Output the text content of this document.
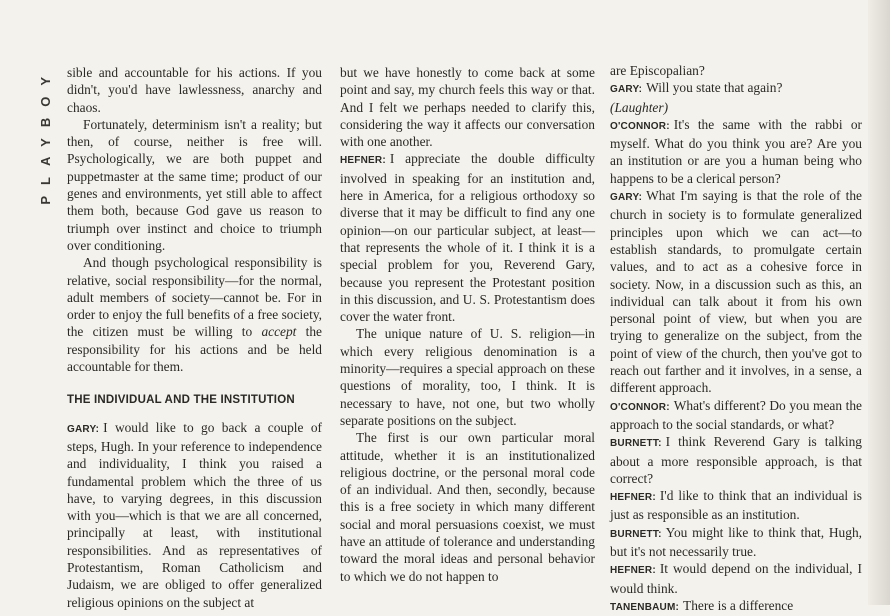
PLAYBOY sible and accountable for his actions. If you didn't, you'd have lawlessness, anarchy and chaos.

Fortunately, determinism isn't a reality; but then, of course, neither is free will. Psychologically, we are both puppet and puppetmaster at the same time; product of our genes and environments, yet still able to affect them both, because God gave us reason to triumph over instinct and choice to triumph over conditioning.

And though psychological responsibility is relative, social responsibility—for the normal, adult members of society—cannot be. For in order to enjoy the full benefits of a free society, the citizen must be willing to accept the responsibility for his actions and be held accountable for them.

THE INDIVIDUAL AND THE INSTITUTION

GARY: I would like to go back a couple of steps, Hugh. In your reference to independence and individuality, I think you raised a fundamental problem which the three of us have, to varying degrees, in this discussion with you—which is that we are all concerned, principally at least, with institutional responsibilities. And as representatives of Protestantism, Roman Catholicism and Judaism, we are obliged to offer generalized religious opinions on the subject at

but we have honestly to come back at some point and say, my church feels this way or that. And I felt we perhaps needed to clarify this, considering the way it affects our conversation with one another.

HEFNER: I appreciate the double difficulty involved in speaking for an institution and, here in America, for a religious orthodoxy so diverse that it may be difficult to find any one opinion—on our particular subject, at least—that represents the whole of it. I think it is a special problem for you, Reverend Gary, because you represent the Protestant position in this discussion, and U. S. Protestantism does cover the water front.

The unique nature of U. S. religion—in which every religious denomination is a minority—requires a special approach on these questions of morality, too, I think. It is necessary to have, not one, but two wholly separate positions on the subject.

The first is our own particular moral attitude, whether it is an institutionalized religious doctrine, or the personal moral code of an individual. And then, secondly, because this is a free society in which many different social and moral persuasions coexist, we must have an attitude of tolerance and understanding toward the moral ideas and personal behavior to which we do not happen to

are Episcopalian?

GARY: Will you state that again?

(Laughter)

O'CONNOR: It's the same with the rabbi or myself. What do you think you are? Are you an institution or are you a human being who happens to be a clerical person?

GARY: What I'm saying is that the role of the church in society is to formulate generalized principles upon which we can act—to establish standards, to promulgate certain values, and to act as a cohesive force in society. Now, in a discussion such as this, an individual can talk about it from his own personal point of view, but when you are trying to generalize on the subject, from the point of view of the church, then you've got to reach out farther and it involves, in a sense, a different approach.

O'CONNOR: What's different? Do you mean the approach to the social standards, or what?

BURNETT: I think Reverend Gary is talking about a more responsible approach, is that correct?

HEFNER: I'd like to think that an individual is just as responsible as an institution.

BURNETT: You might like to think that, Hugh, but it's not necessarily true.

HEFNER: It would depend on the individual, I would think.

TANENBAUM: There is a difference
